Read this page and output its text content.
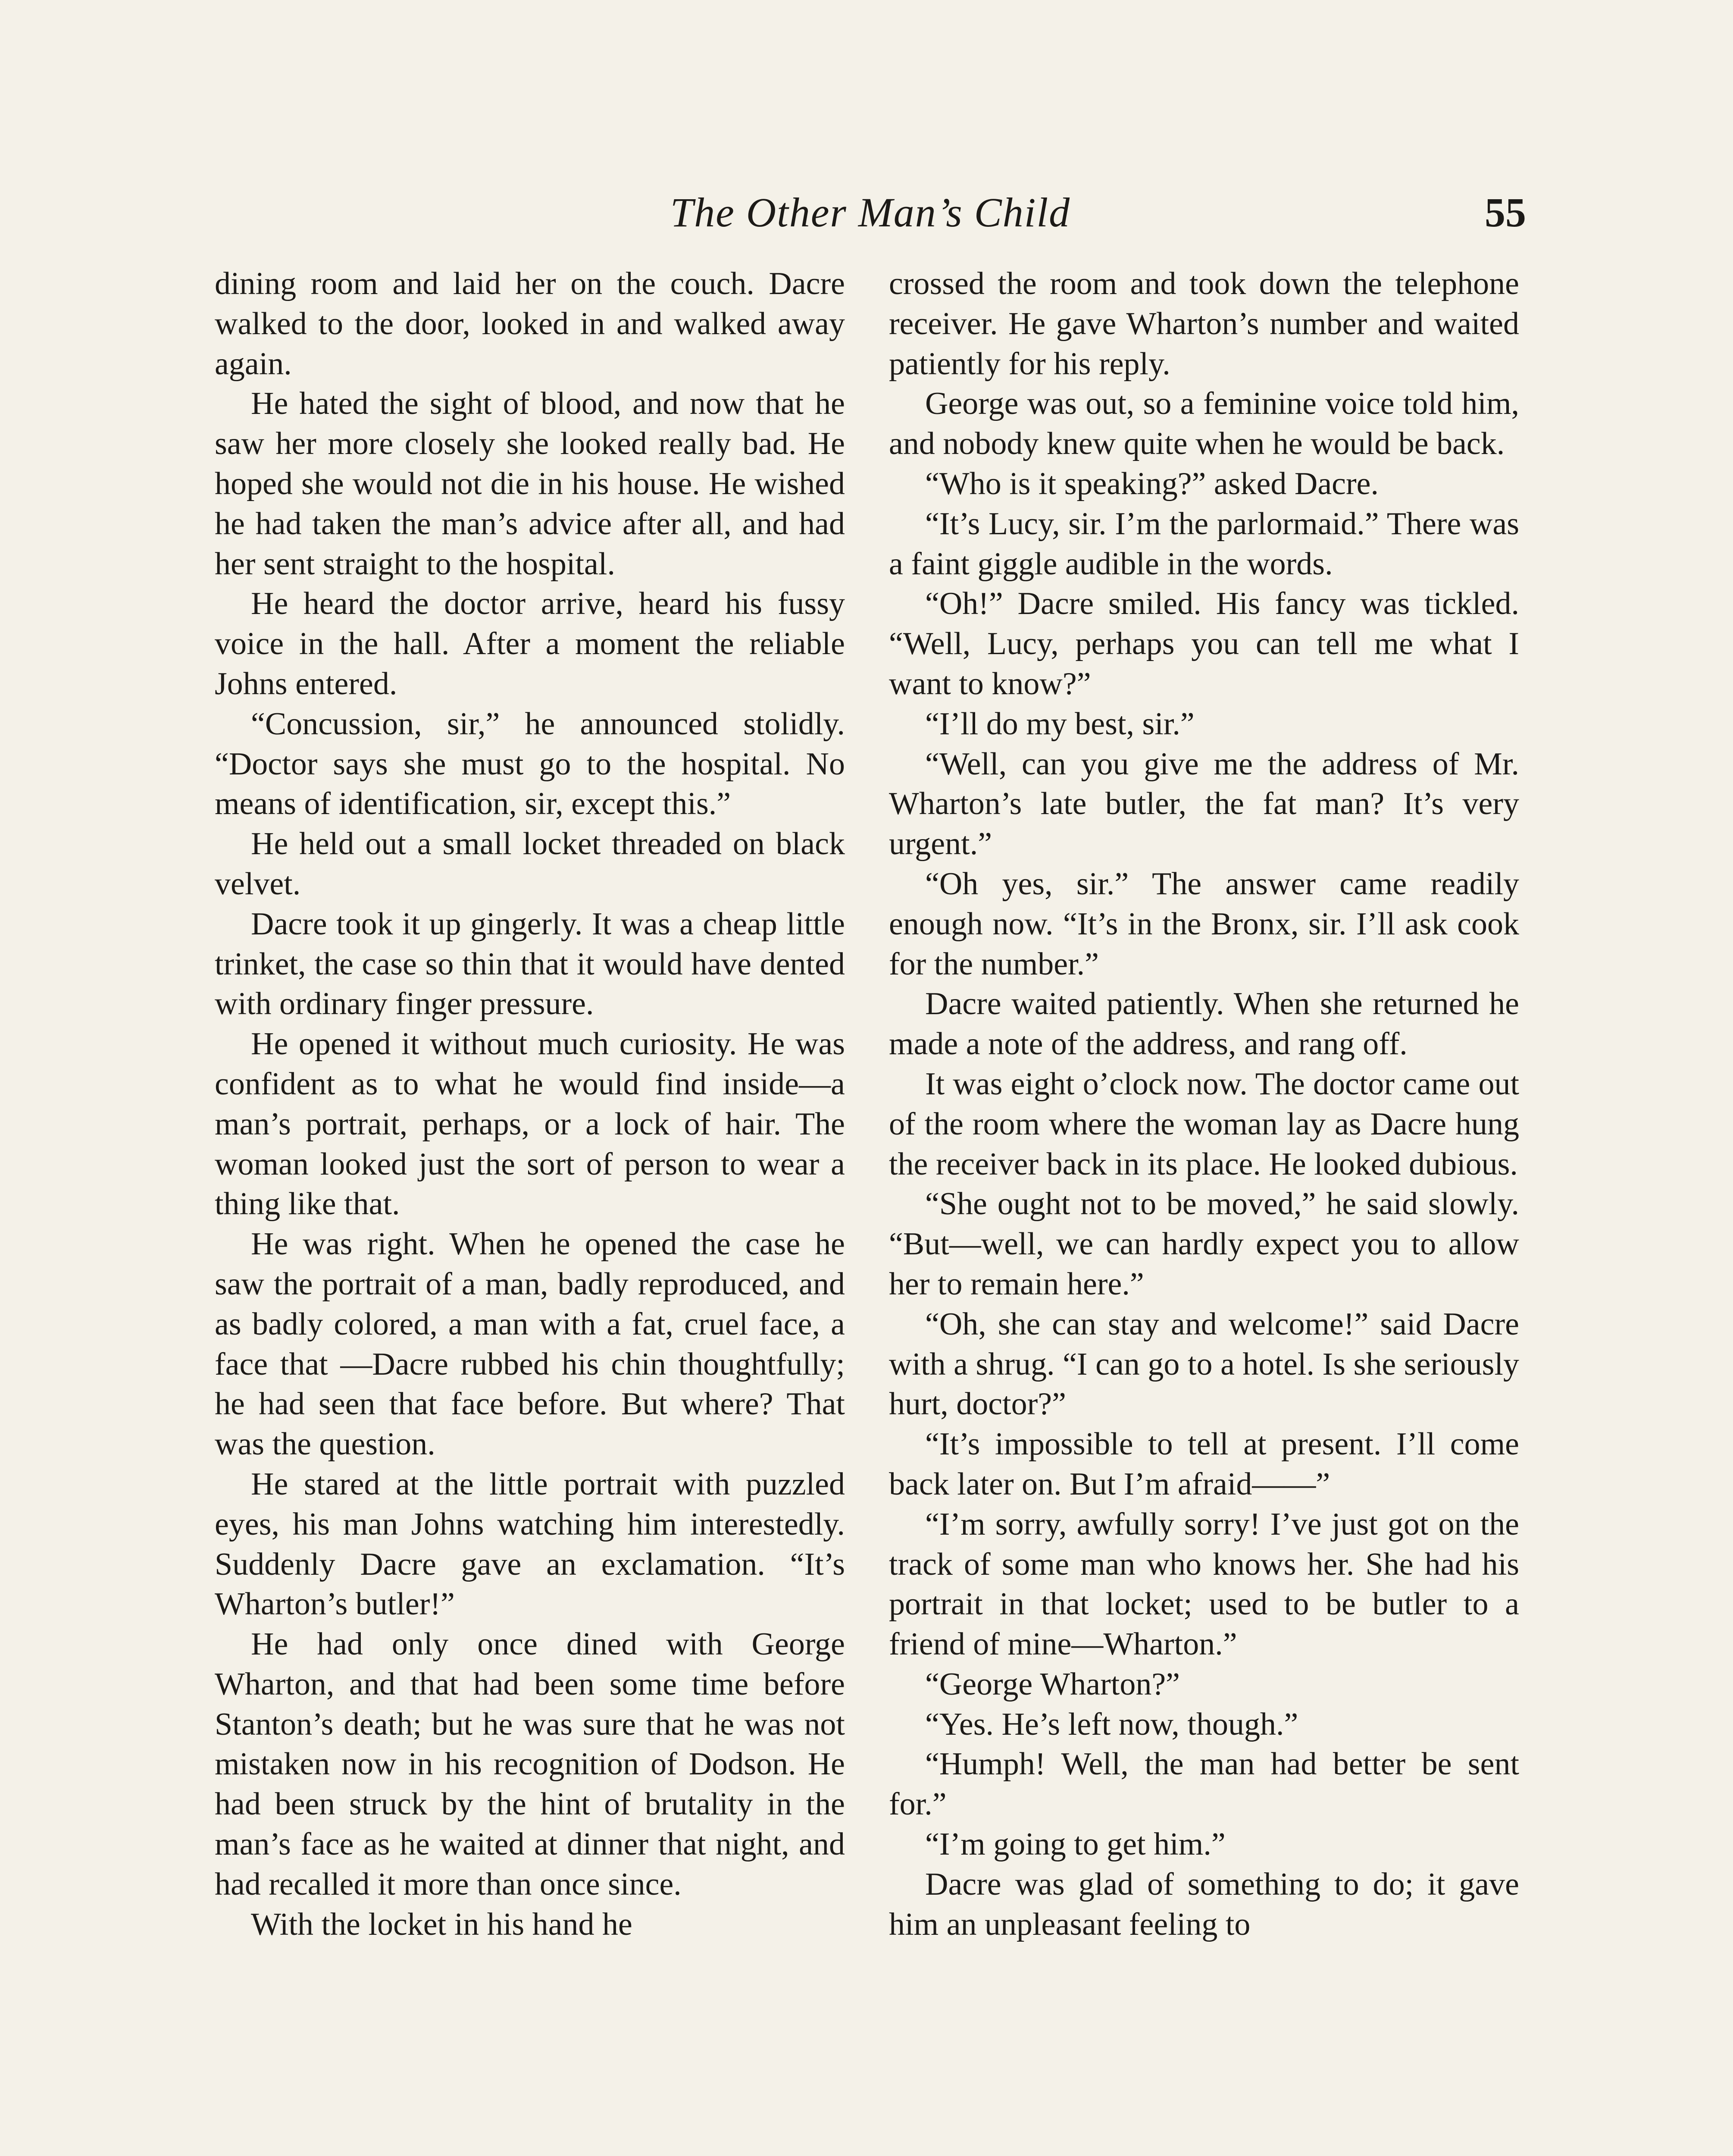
The Other Man’s Child	55

dining room and laid her on the couch. Dacre walked to the door, looked in and walked away again.

He hated the sight of blood, and now that he saw her more closely she looked really bad. He hoped she would not die in his house. He wished he had taken the man’s advice after all, and had her sent straight to the hospital.

He heard the doctor arrive, heard his fussy voice in the hall. After a moment the reliable Johns entered.

“Concussion, sir,” he announced stolidly. “Doctor says she must go to the hospital. No means of identification, sir, except this.”

He held out a small locket threaded on black velvet.

Dacre took it up gingerly. It was a cheap little trinket, the case so thin that it would have dented with ordinary finger pressure.

He opened it without much curiosity. He was confident as to what he would find inside—a man’s portrait, perhaps, or a lock of hair. The woman looked just the sort of person to wear a thing like that.

He was right. When he opened the case he saw the portrait of a man, badly reproduced, and as badly colored, a man with a fat, cruel face, a face that —Dacre rubbed his chin thoughtfully; he had seen that face before. But where? That was the question.

He stared at the little portrait with puzzled eyes, his man Johns watching him interestedly. Suddenly Dacre gave an exclamation. “It’s Wharton’s butler!”

He had only once dined with George Wharton, and that had been some time before Stanton’s death; but he was sure that he was not mistaken now in his recognition of Dodson. He had been struck by the hint of brutality in the man’s face as he waited at dinner that night, and had recalled it more than once since.

With the locket in his hand he

crossed the room and took down the telephone receiver. He gave Wharton’s number and waited patiently for his reply.

George was out, so a feminine voice told him, and nobody knew quite when he would be back.

“Who is it speaking?” asked Dacre.

“It’s Lucy, sir. I’m the parlormaid.” There was a faint giggle audible in the words.

“Oh!” Dacre smiled. His fancy was tickled. “Well, Lucy, perhaps you can tell me what I want to know?”

“I’ll do my best, sir.”

“Well, can you give me the address of Mr. Wharton’s late butler, the fat man? It’s very urgent.”

“Oh yes, sir.” The answer came readily enough now. “It’s in the Bronx, sir. I’ll ask cook for the number.”

Dacre waited patiently. When she returned he made a note of the address, and rang off.

It was eight o’clock now. The doctor came out of the room where the woman lay as Dacre hung the receiver back in its place. He looked dubious.

“She ought not to be moved,” he said slowly. “But—well, we can hardly expect you to allow her to remain here.”

“Oh, she can stay and welcome!” said Dacre with a shrug. “I can go to a hotel. Is she seriously hurt, doctor?”

“It’s impossible to tell at present. I’ll come back later on. But I’m afraid——”

“I’m sorry, awfully sorry! I’ve just got on the track of some man who knows her. She had his portrait in that locket; used to be butler to a friend of mine—Wharton.”

“George Wharton?”

“Yes. He’s left now, though.”

“Humph! Well, the man had better be sent for.”

“I’m going to get him.”

Dacre was glad of something to do; it gave him an unpleasant feeling to
